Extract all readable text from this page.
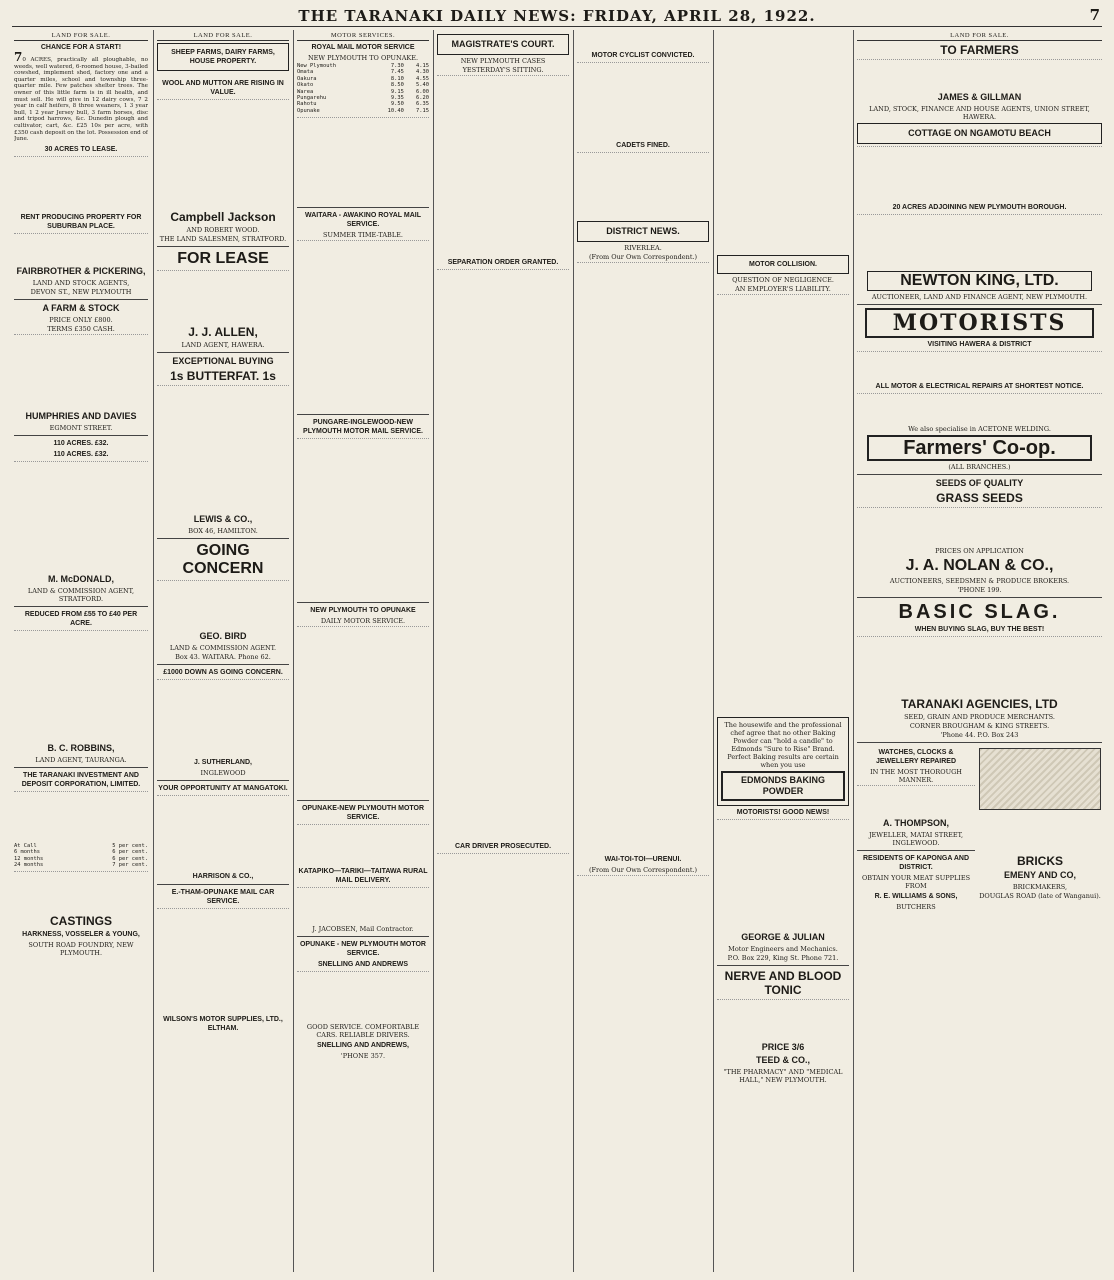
THE TARANAKI DAILY NEWS: FRIDAY, APRIL 28, 1922.	7
LAND FOR SALE.
CHANCE FOR A START!
70 ACRES, practically all ploughable, no weeds, well watered, 6-roomed house, 3-bailed cowshed, implement shed, factory one and a quarter miles, school and township three-quarter mile. Few patches shelter trees. The owner of this little farm is in ill health, and must sell. He will give in 12 dairy cows, 7 2 year in calf heifers, 8 three weaners, 1 3 year bull, 1 2 year Jersey bull, 3 farm horses, disc and tripod harrows, &c. Dunedin plough and cultivator, cart, &c. £25 10s per acre, with £350 cash deposit on the lot. Possession end of June.
30 ACRES TO LEASE.
RENT PRODUCING PROPERTY FOR SUBURBAN PLACE.
FAIRBROTHER & PICKERING,
LAND AND STOCK AGENTS,
DEVON ST., NEW PLYMOUTH
A FARM & STOCK
PRICE ONLY £800.
TERMS £350 CASH.
HUMPHRIES AND DAVIES
EGMONT STREET.
110 ACRES. £32.
110 ACRES. £32.
M. McDONALD,
LAND & COMMISSION AGENT, STRATFORD.
REDUCED FROM £55 TO £40 PER ACRE.
B. C. ROBBINS,
LAND AGENT, TAURANGA.
THE TARANAKI INVESTMENT AND DEPOSIT CORPORATION, LIMITED.
At Call	5 per cent.
6 months	6 per cent.
12 months	6 per cent.
24 months	7 per cent.
CASTINGS
HARKNESS, VOSSELER & YOUNG,
SOUTH ROAD FOUNDRY, NEW PLYMOUTH.
LAND FOR SALE.
SHEEP FARMS, DAIRY FARMS, HOUSE PROPERTY.
WOOL AND MUTTON ARE RISING IN VALUE.
Campbell Jackson
AND ROBERT WOOD.
THE LAND SALESMEN, STRATFORD.
FOR LEASE
J. J. ALLEN,
LAND AGENT, HAWERA.
EXCEPTIONAL BUYING
1s BUTTERFAT. 1s
LEWIS & CO.,
BOX 46, HAMILTON.
GOING CONCERN
GEO. BIRD
LAND & COMMISSION AGENT.
Box 43. WAITARA. Phone 62.
£1000 DOWN AS GOING CONCERN.
J. SUTHERLAND,
INGLEWOOD
YOUR OPPORTUNITY AT MANGATOKI.
HARRISON & CO.,
E.-THAM-OPUNAKE MAIL CAR SERVICE.
WILSON'S MOTOR SUPPLIES, LTD., ELTHAM.
MOTOR SERVICES.
ROYAL MAIL MOTOR SERVICE
NEW PLYMOUTH TO OPUNAKE.
New Plymouth	7.30	4.15
Omata	7.45	4.30
Oakura	8.10	4.55
Okato	8.50	5.40
Warea	9.15	6.00
Pungarehu	9.35	6.20
Rahotu	9.50	6.35
Opunake	10.40	7.15
WAITARA - AWAKINO ROYAL MAIL SERVICE.
SUMMER TIME-TABLE.
PUNGARE-INGLEWOOD-NEW PLYMOUTH MOTOR MAIL SERVICE.
NEW PLYMOUTH TO OPUNAKE
DAILY MOTOR SERVICE.
OPUNAKE-NEW PLYMOUTH MOTOR SERVICE.
KATAPIKO—TARIKI—TAITAWA RURAL MAIL DELIVERY.
J. JACOBSEN, Mail Contractor.
OPUNAKE - NEW PLYMOUTH MOTOR SERVICE.
SNELLING AND ANDREWS
GOOD SERVICE. COMFORTABLE CARS. RELIABLE DRIVERS.
SNELLING AND ANDREWS,
'PHONE 357.
MAGISTRATE'S COURT.
NEW PLYMOUTH CASES
YESTERDAY'S SITTING.
SEPARATION ORDER GRANTED.
CAR DRIVER PROSECUTED.
MOTOR CYCLIST CONVICTED.
CADETS FINED.
DISTRICT NEWS.
RIVERLEA.
(From Our Own Correspondent.)
WAI-TOI-TOI—URENUI.
(From Our Own Correspondent.)
MOTOR COLLISION.
QUESTION OF NEGLIGENCE.
AN EMPLOYER'S LIABILITY.
The housewife and the professional chef agree that no other Baking Powder can "hold a candle" to Edmonds "Sure to Rise" Brand. Perfect Baking results are certain when you use
EDMONDS BAKING POWDER
MOTORISTS! GOOD NEWS!
GEORGE & JULIAN
Motor Engineers and Mechanics.
P.O. Box 229, King St. Phone 721.
NERVE AND BLOOD TONIC
PRICE 3/6
TEED & CO.,
"THE PHARMACY" AND "MEDICAL HALL," NEW PLYMOUTH.
LAND FOR SALE.
TO FARMERS
JAMES & GILLMAN
LAND, STOCK, FINANCE AND HOUSE AGENTS, UNION STREET, HAWERA.
COTTAGE ON NGAMOTU BEACH
20 ACRES ADJOINING NEW PLYMOUTH BOROUGH.
NEWTON KING, LTD.
AUCTIONEER, LAND AND FINANCE AGENT, NEW PLYMOUTH.
MOTORISTS
VISITING HAWERA & DISTRICT
ALL MOTOR & ELECTRICAL REPAIRS AT SHORTEST NOTICE.
We also specialise in ACETONE WELDING.
Farmers' Co-op.
(ALL BRANCHES.)
SEEDS OF QUALITY
GRASS SEEDS
PRICES ON APPLICATION
J. A. NOLAN & CO.,
AUCTIONEERS, SEEDSMEN & PRODUCE BROKERS.
'PHONE 199.
BASIC SLAG.
WHEN BUYING SLAG, BUY THE BEST!
TARANAKI AGENCIES, LTD
SEED, GRAIN AND PRODUCE MERCHANTS.
CORNER BROUGHAM & KING STREETS.
'Phone 44. P.O. Box 243
WATCHES, CLOCKS & JEWELLERY REPAIRED
IN THE MOST THOROUGH MANNER.
A. THOMPSON,
JEWELLER, MATAI STREET, INGLEWOOD.
RESIDENTS OF KAPONGA AND DISTRICT.
OBTAIN YOUR MEAT SUPPLIES FROM
R. E. WILLIAMS & SONS,
BUTCHERS
BRICKS
EMENY AND CO,
BRICKMAKERS,
DOUGLAS ROAD (late of Wanganui).
